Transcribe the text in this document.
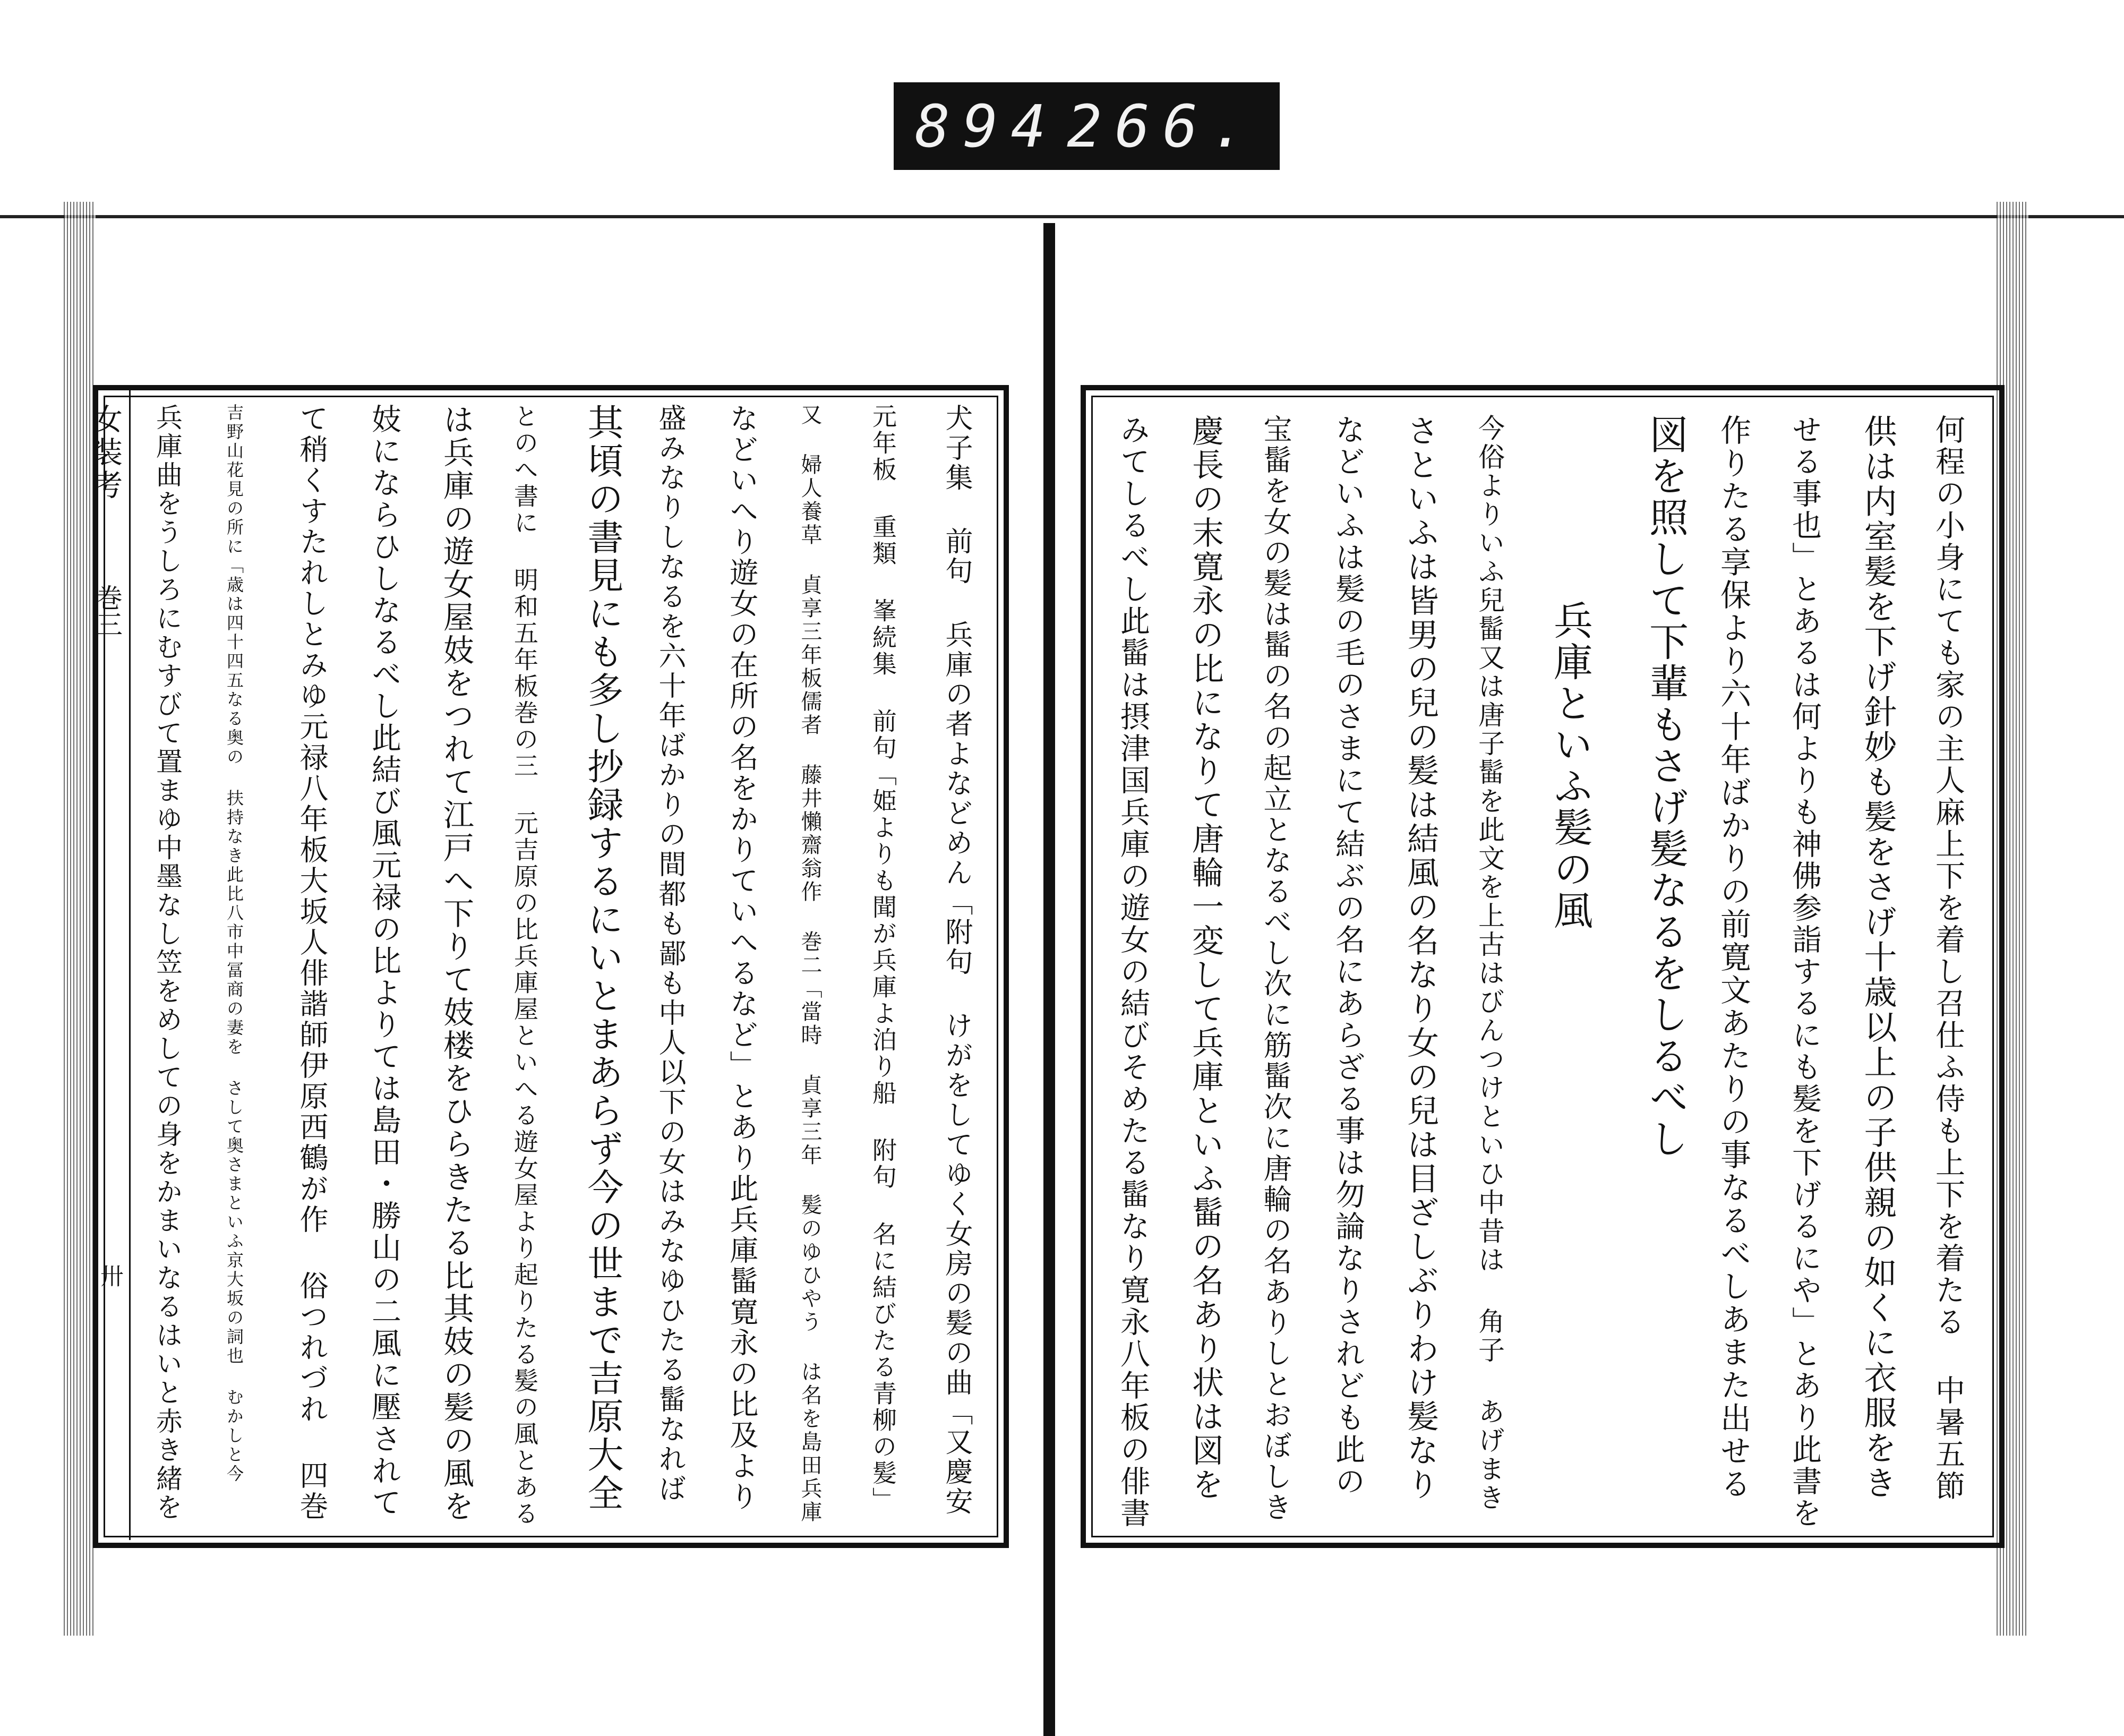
894 266.
女装考
巻三
卅	犬子集 前句 兵庫の者よなどめん「附句 けがをしてゆく女房の髪の曲「又慶安
元年板 重類 峯続集 前句「姫よりも聞が兵庫よ泊り船 附句 名に結びたる青柳の髪」
又 婦人養草 貞享三年板儒者 藤井懶齋翁作 巻二「當時 貞享三年 髪のゆひやう は名を島田兵庫
などいへり遊女の在所の名をかりていへるなど」とあり此兵庫髷寛永の比及より
盛みなりしなるを六十年ばかりの間都も鄙も中人以下の女はみなゆひたる髷なれば
其頃の書見にも多し抄録するにいとまあらず今の世まで吉原大全
とのへ書に 明和五年板巻の三 元吉原の比兵庫屋といへる遊女屋より起りたる髪の風とある
は兵庫の遊女屋妓をつれて江戸へ下りて妓楼をひらきたる比其妓の髪の風を
妓にならひしなるべし此結び風元禄の比よりては島田・勝山の二風に壓されて
て稍くすたれしとみゆ元禄八年板大坂人俳諧師伊原西鶴が作 俗つれづれ 四巻
吉野山花見の所に「歳は四十四五なる奥の 扶持なき此比八市中冨商の妻を さして奥さまといふ京大坂の詞也 むかしと今
兵庫曲をうしろにむすびて置まゆ中墨なし笠をめしての身をかまいなるはいと赤き緒を	何程の小身にても家の主人麻上下を着し召仕ふ侍も上下を着たる 中暑五節
供は内室髪を下げ針妙も髪をさげ十歳以上の子供親の如くに衣服をき
せる事也」とあるは何よりも神佛参詣するにも髪を下げるにや」とあり此書を
作りたる享保より六十年ばかりの前寛文あたりの事なるべしあまた出せる
図を照して下輩もさげ髪なるをしるべし
兵庫といふ髪の風
今俗よりいふ兒髷又は唐子髷を此文を上古はびんつけといひ中昔は 角子 あげまき
さといふは皆男の兒の髪は結風の名なり女の兒は目ざしぶりわけ髪なり
などいふは髪の毛のさまにて結ぶの名にあらざる事は勿論なりされども此の
宝髷を女の髪は髷の名の起立となるべし次に筋髷次に唐輪の名ありしとおぼしき
慶長の末寛永の比になりて唐輪一変して兵庫といふ髷の名あり状は図を
みてしるべし此髷は摂津国兵庫の遊女の結びそめたる髷なり寛永八年板の俳書
